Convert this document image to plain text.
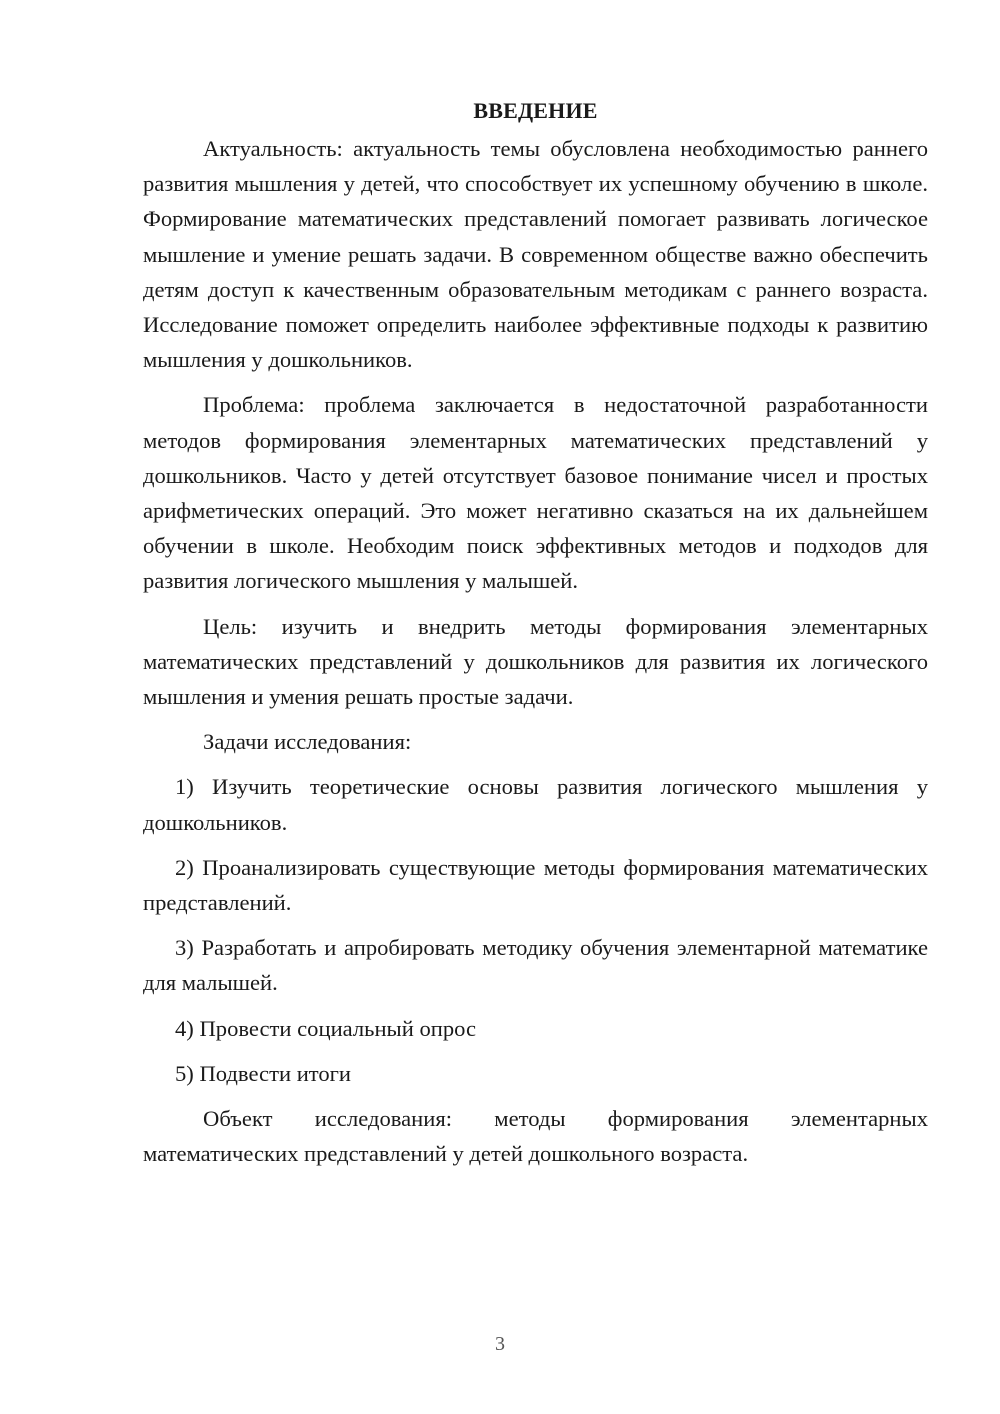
ВВЕДЕНИЕ

Актуальность: актуальность темы обусловлена необходимостью раннего развития мышления у детей, что способствует их успешному обучению в школе. Формирование математических представлений помогает развивать логическое мышление и умение решать задачи. В современном обществе важно обеспечить детям доступ к качественным образовательным методикам с раннего возраста. Исследование поможет определить наиболее эффективные подходы к развитию мышления у дошкольников.

Проблема: проблема заключается в недостаточной разработанности методов формирования элементарных математических представлений у дошкольников. Часто у детей отсутствует базовое понимание чисел и простых арифметических операций. Это может негативно сказаться на их дальнейшем обучении в школе. Необходим поиск эффективных методов и подходов для развития логического мышления у малышей.

Цель: изучить и внедрить методы формирования элементарных математических представлений у дошкольников для развития их логического мышления и умения решать простые задачи.

Задачи исследования:

1) Изучить теоретические основы развития логического мышления у дошкольников.

2) Проанализировать существующие методы формирования математических представлений.

3) Разработать и апробировать методику обучения элементарной математике для малышей.

4) Провести социальный опрос

5) Подвести итоги

Объект исследования: методы формирования элементарных математических представлений у детей дошкольного возраста.

3
